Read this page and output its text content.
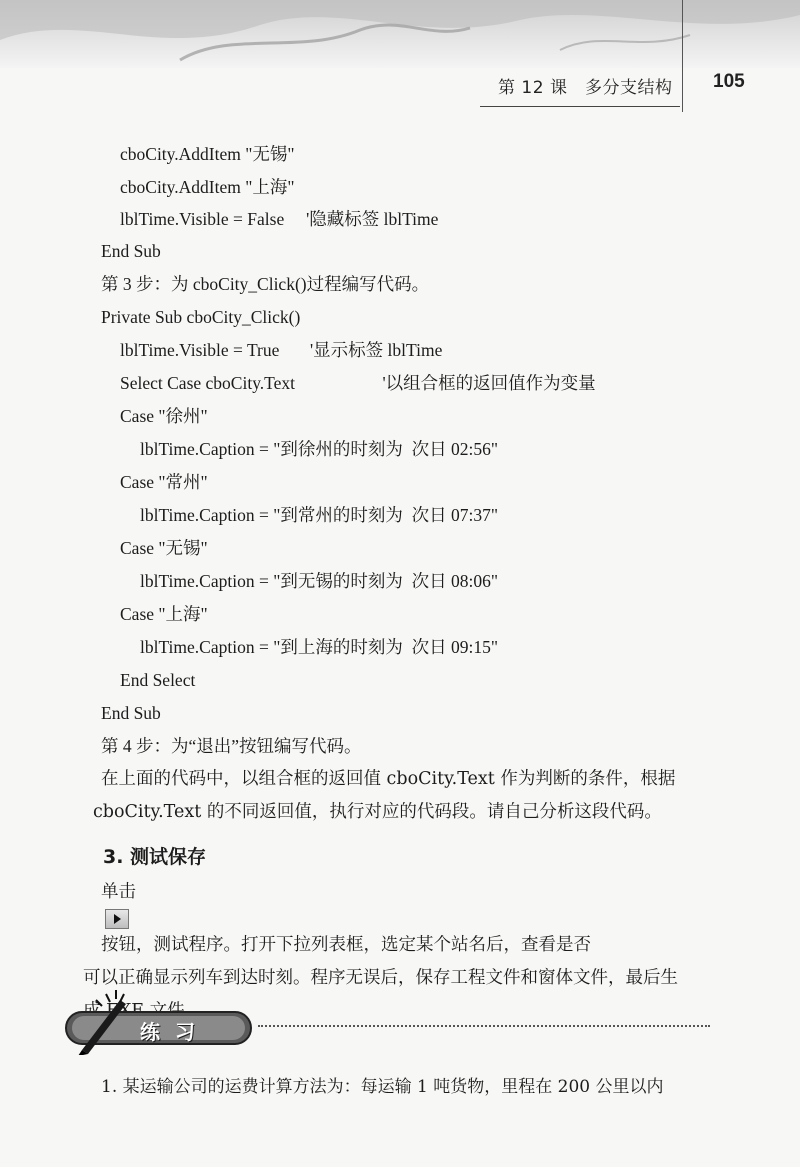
第 12 课　多分支结构 105
cboCity.AddItem "无锡"
cboCity.AddItem "上海"
lblTime.Visible = False     '隐藏标签 lblTime
End Sub
第 3 步：为 cboCity_Click()过程编写代码。
Private Sub cboCity_Click()
lblTime.Visible = True       '显示标签 lblTime
Select Case cboCity.Text                    '以组合框的返回值作为变量
Case "徐州"
lblTime.Caption = "到徐州的时刻为  次日 02:56"
Case "常州"
lblTime.Caption = "到常州的时刻为  次日 07:37"
Case "无锡"
lblTime.Caption = "到无锡的时刻为  次日 08:06"
Case "上海"
lblTime.Caption = "到上海的时刻为  次日 09:15"
End Select
End Sub
第 4 步：为“退出”按钮编写代码。
在上面的代码中，以组合框的返回值 cboCity.Text 作为判断的条件，根据
cboCity.Text 的不同返回值，执行对应的代码段。请自己分析这段代码。
3. 测试保存
单击
按钮，测试程序。打开下拉列表框，选定某个站名后，查看是否
可以正确显示列车到达时刻。程序无误后，保存工程文件和窗体文件，最后生
练 习
1. 某运输公司的运费计算方法为：每运输 1 吨货物，里程在 200 公里以内
